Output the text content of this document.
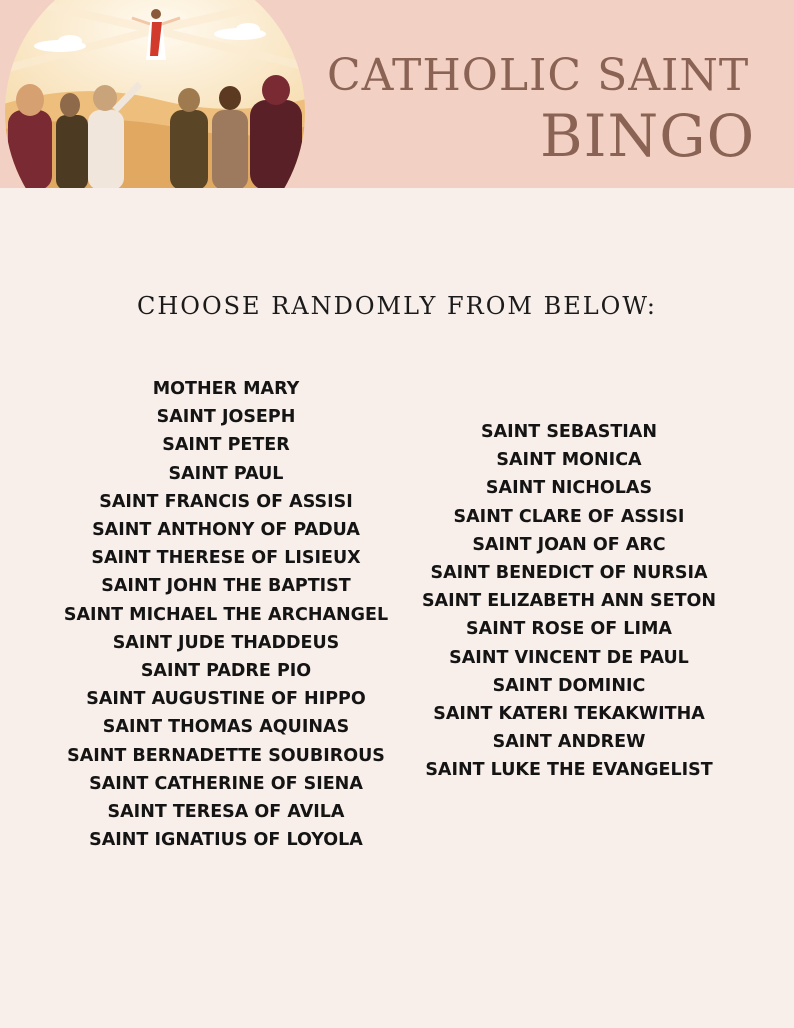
CATHOLIC SAINT
BINGO
CHOOSE RANDOMLY FROM BELOW:
MOTHER MARY
SAINT JOSEPH
SAINT PETER
SAINT PAUL
SAINT FRANCIS OF ASSISI
SAINT ANTHONY OF PADUA
SAINT THERESE OF LISIEUX
SAINT JOHN THE BAPTIST
SAINT MICHAEL THE ARCHANGEL
SAINT JUDE THADDEUS
SAINT PADRE PIO
SAINT AUGUSTINE OF HIPPO
SAINT THOMAS AQUINAS
SAINT BERNADETTE SOUBIROUS
SAINT CATHERINE OF SIENA
SAINT TERESA OF AVILA
SAINT IGNATIUS OF LOYOLA
SAINT SEBASTIAN
SAINT MONICA
SAINT NICHOLAS
SAINT CLARE OF ASSISI
SAINT JOAN OF ARC
SAINT BENEDICT OF NURSIA
SAINT ELIZABETH ANN SETON
SAINT ROSE OF LIMA
SAINT VINCENT DE PAUL
SAINT DOMINIC
SAINT KATERI TEKAKWITHA
SAINT ANDREW
SAINT LUKE THE EVANGELIST
